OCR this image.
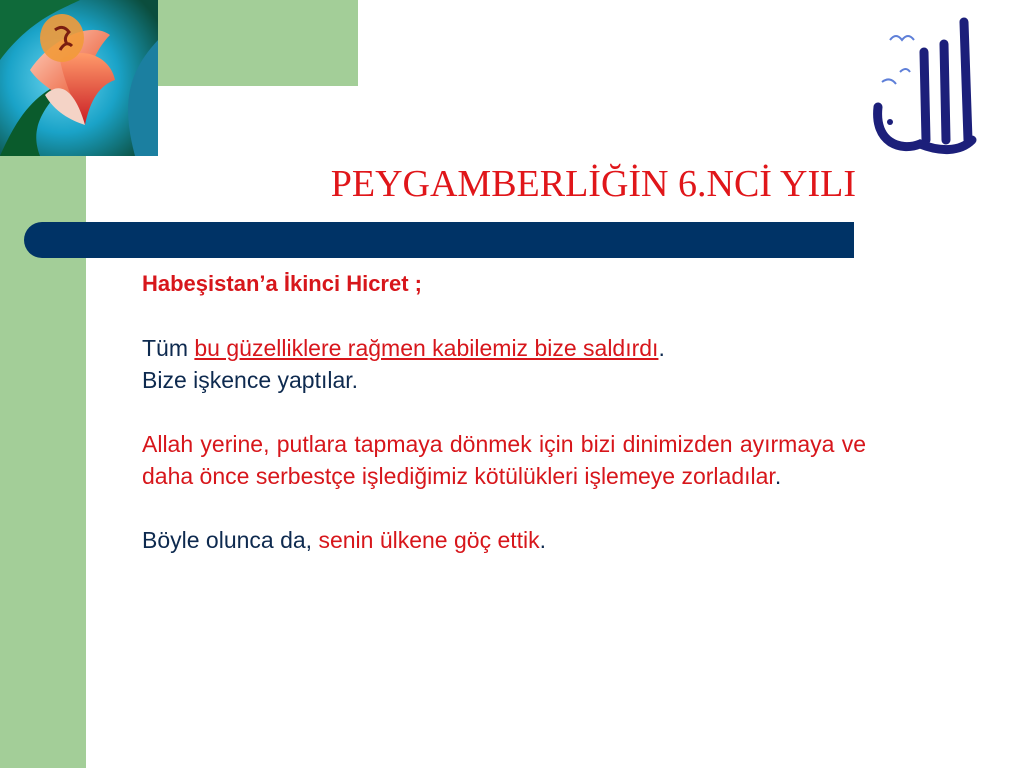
PEYGAMBERLİĞİN 6.NCİ YILI

Habeşistan’a İkinci Hicret ;

Tüm bu güzelliklere rağmen kabilemiz bize saldırdı.
Bize işkence yaptılar.

Allah yerine, putlara tapmaya dönmek için bizi dinimizden ayırmaya ve daha önce serbestçe işlediğimiz kötülükleri işlemeye zorladılar.

Böyle olunca da, senin ülkene göç ettik.
